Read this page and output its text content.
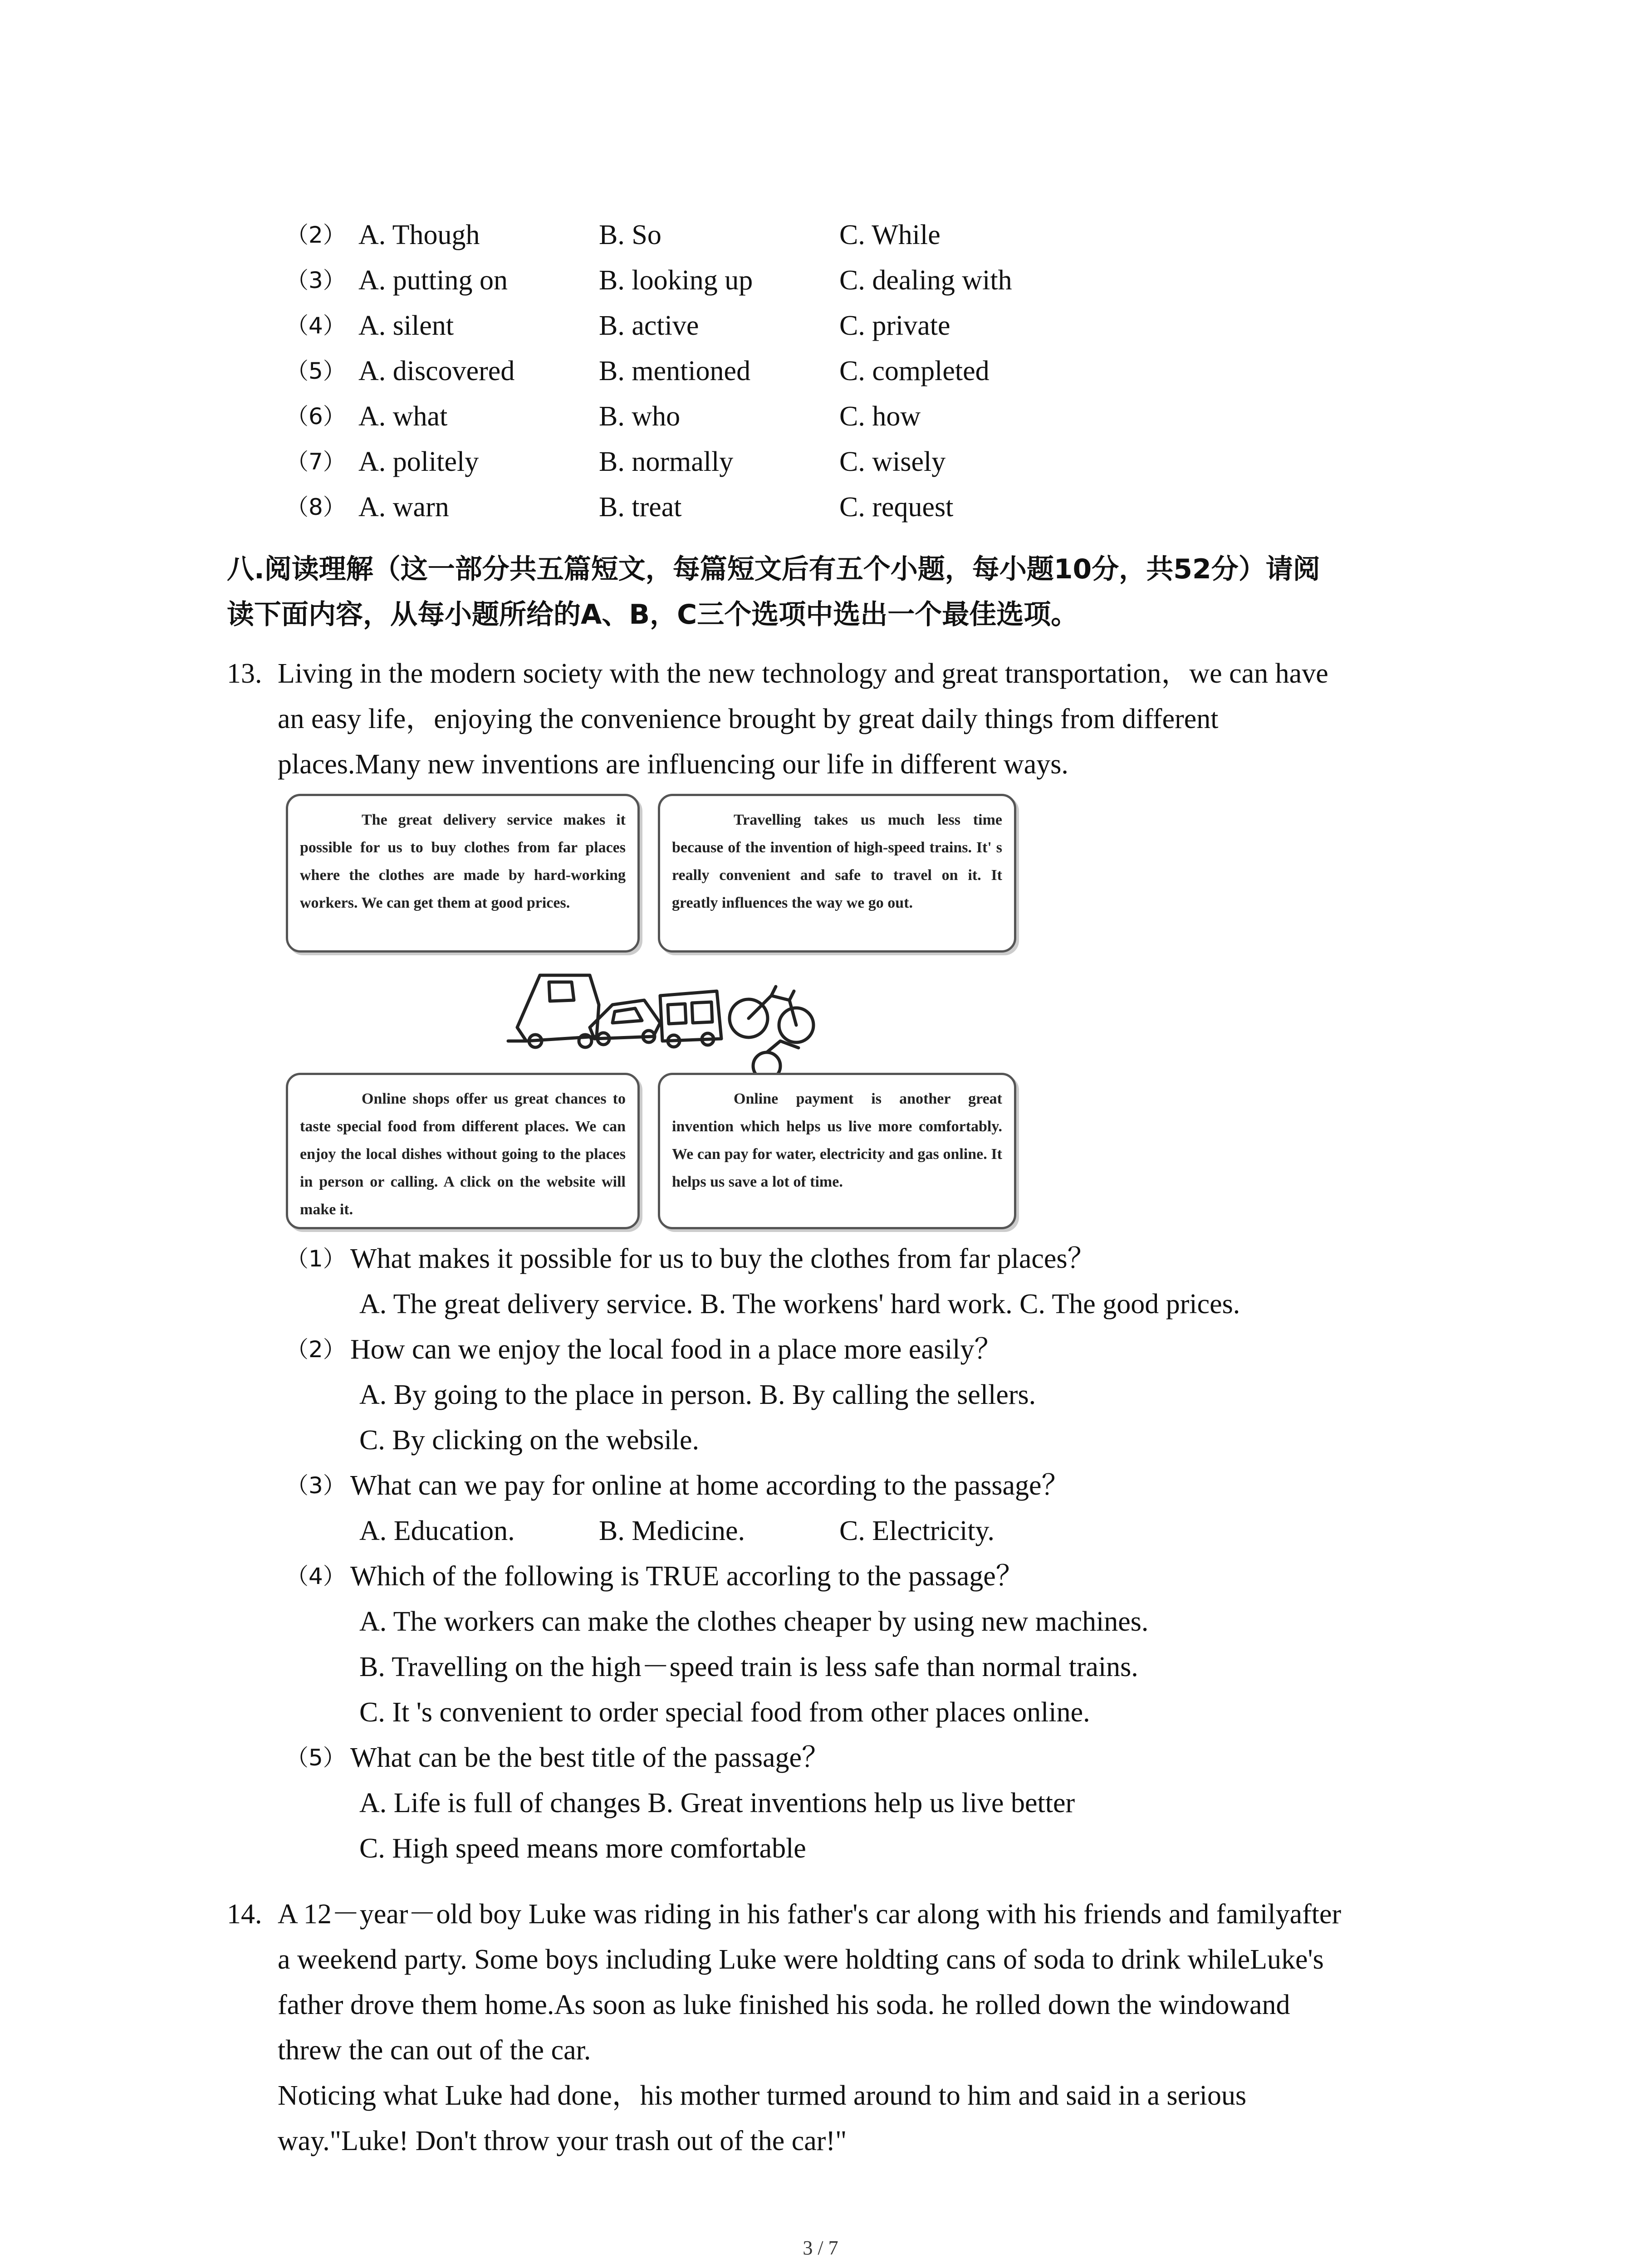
（2） A. Though	B. So	C. While
（3） A. putting on	B. looking up	C. dealing with
（4） A. silent	B. active	C. private
（5） A. discovered	B. mentioned	C. completed
（6） A. what	B. who	C. how
（7） A. politely	B. normally	C. wisely
（8） A. warn	B. treat	C. request
八.阅读理解（这一部分共五篇短文，每篇短文后有五个小题，每小题10分，共52分）请阅
读下面内容，从每小题所给的A、B，C三个选项中选出一个最佳选项。
13. Living in the modern society with the new technology and great transportation，we can have
an easy life，enjoying the convenience brought by great daily things from different
places.Many new inventions are influencing our life in different ways.
The great delivery service makes it possible for us to buy clothes from far places where the clothes are made by hard-working workers. We can get them at good prices.
Travelling takes us much less time because of the invention of high-speed trains. It' s really convenient and safe to travel on it. It greatly influences the way we go out.
Online shops offer us great chances to taste special food from different places. We can enjoy the local dishes without going to the places in person or calling. A click on the website will make it.
Online payment is another great invention which helps us live more comfortably. We can pay for water, electricity and gas online. It helps us save a lot of time.
（1） What makes it possible for us to buy the clothes from far places？
A. The great delivery service. B. The workens' hard work. C. The good prices.
（2） How can we enjoy the local food in a place more easily？
A. By going to the place in person. B. By calling the sellers.
C. By clicking on the websile.
（3） What can we pay for online at home according to the passage？
A. Education.	B. Medicine.	C. Electricity.
（4） Which of the following is TRUE accorling to the passage？
A. The workers can make the clothes cheaper by using new machines.
B. Travelling on the high－speed train is less safe than normal trains.
C. It 's convenient to order special food from other places online.
（5） What can be the best title of the passage？
A. Life is full of changes B. Great inventions help us live better
C. High speed means more comfortable
14. A 12－year－old boy Luke was riding in his father's car along with his friends and familyafter
a weekend party. Some boys including Luke were holdting cans of soda to drink whileLuke's
father drove them home.As soon as luke finished his soda. he rolled down the windowand
threw the can out of the car.
Noticing what Luke had done，his mother turmed around to him and said in a serious
way."Luke! Don't throw your trash out of the car!"
3 / 7
